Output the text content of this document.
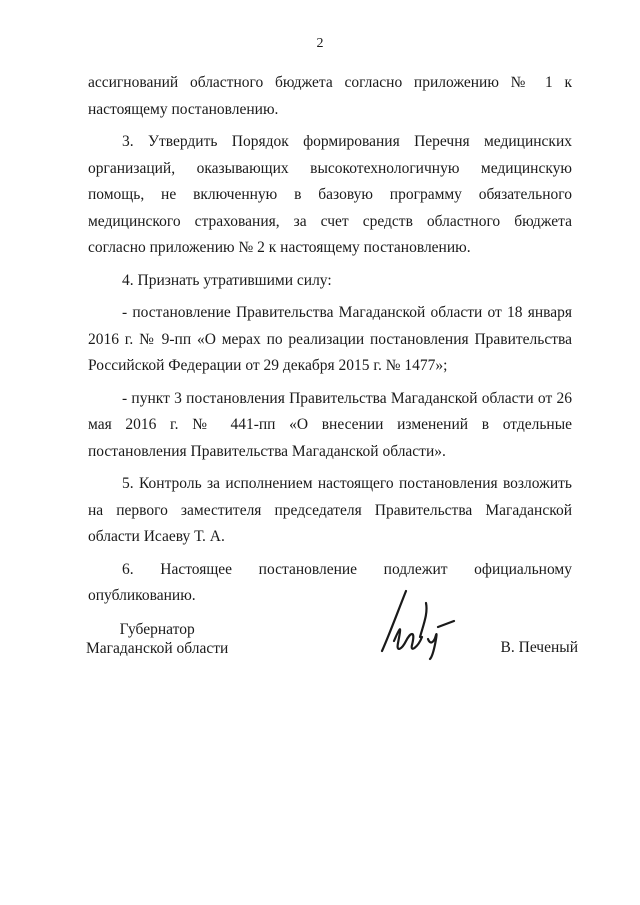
2

ассигнований областного бюджета согласно приложению № 1 к настоящему постановлению.

3. Утвердить Порядок формирования Перечня медицинских организаций, оказывающих высокотехнологичную медицинскую помощь, не включенную в базовую программу обязательного медицинского страхования, за счет средств областного бюджета согласно приложению № 2 к настоящему постановлению.

4. Признать утратившими силу:

- постановление Правительства Магаданской области от 18 января 2016 г. № 9-пп «О мерах по реализации постановления Правительства Российской Федерации от 29 декабря 2015 г. № 1477»;

- пункт 3 постановления Правительства Магаданской области от 26 мая 2016 г. № 441-пп «О внесении изменений в отдельные постановления Правительства Магаданской области».

5. Контроль за исполнением настоящего постановления возложить на первого заместителя председателя Правительства Магаданской области Исаеву Т. А.

6. Настоящее постановление подлежит официальному опубликованию.

Губернатор
Магаданской области	В. Печеный
